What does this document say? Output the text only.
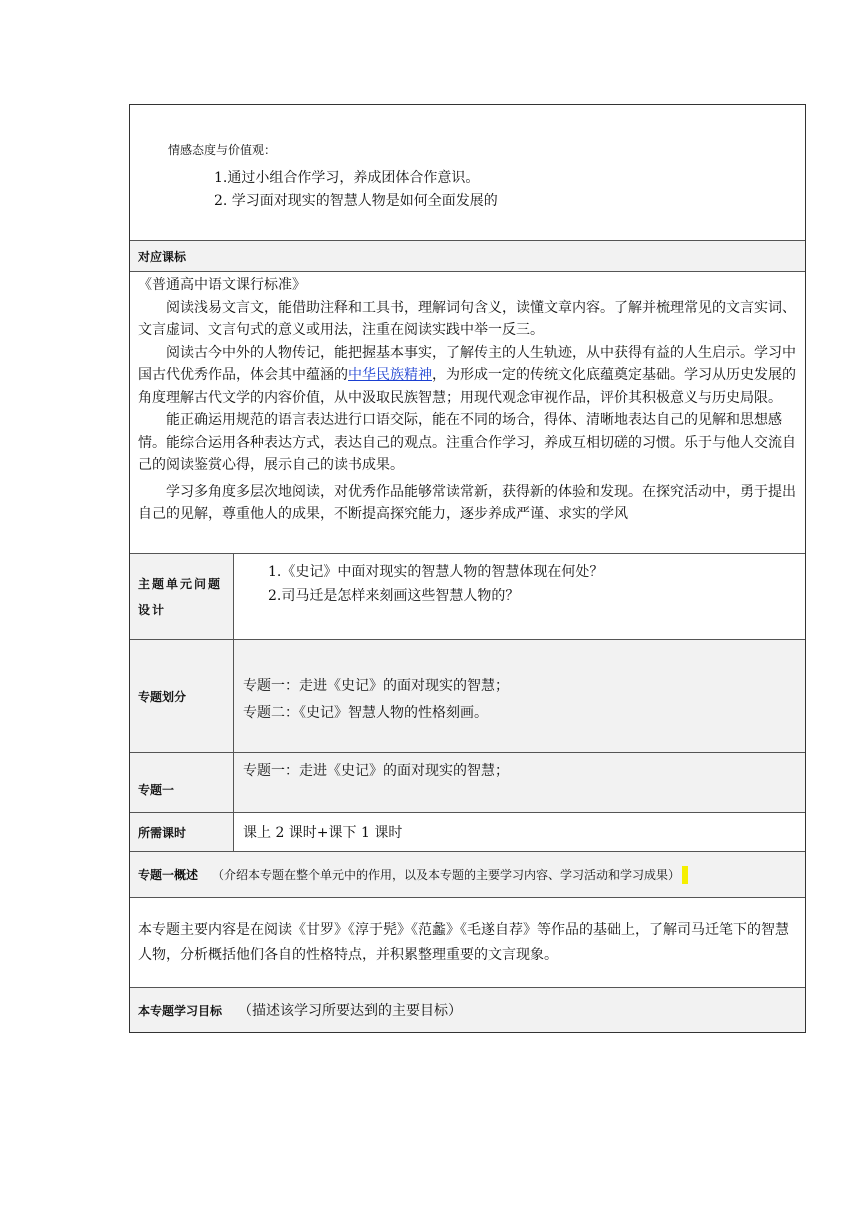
情感态度与价值观：

1.通过小组合作学习，养成团体合作意识。

2. 学习面对现实的智慧人物是如何全面发展的

对应课标

《普通高中语文课行标准》

阅读浅易文言文，能借助注释和工具书，理解词句含义，读懂文章内容。了解并梳理常见的文言实词、文言虚词、文言句式的意义或用法，注重在阅读实践中举一反三。

阅读古今中外的人物传记，能把握基本事实，了解传主的人生轨迹，从中获得有益的人生启示。学习中国古代优秀作品，体会其中蕴涵的中华民族精神，为形成一定的传统文化底蕴奠定基础。学习从历史发展的角度理解古代文学的内容价值，从中汲取民族智慧；用现代观念审视作品，评价其积极意义与历史局限。

能正确运用规范的语言表达进行口语交际，能在不同的场合，得体、清晰地表达自己的见解和思想感情。能综合运用各种表达方式，表达自己的观点。注重合作学习，养成互相切磋的习惯。乐于与他人交流自己的阅读鉴赏心得，展示自己的读书成果。

学习多角度多层次地阅读，对优秀作品能够常读常新，获得新的体验和发现。在探究活动中，勇于提出自己的见解，尊重他人的成果，不断提高探究能力，逐步养成严谨、求实的学风

主题单元问题设计

1.《史记》中面对现实的智慧人物的智慧体现在何处？

2.司马迁是怎样来刻画这些智慧人物的？

专题划分

专题一：走进《史记》的面对现实的智慧；

专题二：《史记》智慧人物的性格刻画。

专题一

专题一：走进《史记》的面对现实的智慧；

所需课时	课上 2 课时+课下 1 课时
专题一概述 （介绍本专题在整个单元中的作用，以及本专题的主要学习内容、学习活动和学习成果）

本专题主要内容是在阅读《甘罗》《淳于髡》《范蠡》《毛遂自荐》等作品的基础上，了解司马迁笔下的智慧人物，分析概括他们各自的性格特点，并积累整理重要的文言现象。

本专题学习目标 （描述该学习所要达到的主要目标）
